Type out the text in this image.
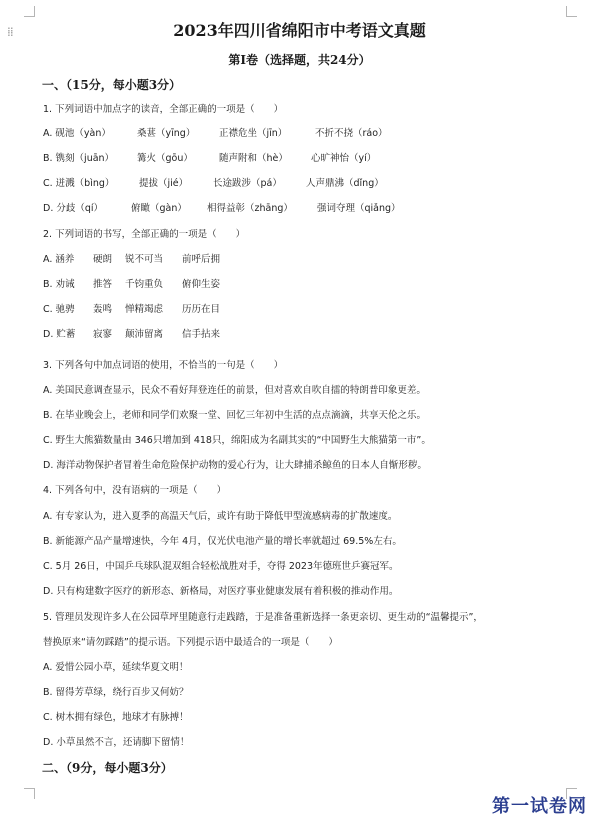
⁞⁞	2023年四川省绵阳市中考语文真题
第Ⅰ卷（选择题，共24分）
一、（15分，每小题3分）
1. 下列词语中加点字的读音，全部正确的一项是（　　）
A. 砚池（yàn）	桑葚（yīng） 正襟危坐（jīn）	不折不挠（ráo）
B. 镌刻（juān） 篝火（gōu）	随声附和（hè） 心旷神怡（yí）
C. 迸溅（bìng）	提拔（jié）	长途跋涉（pá）	人声鼎沸（dǐng）
D. 分歧（qí）	俯瞰（gàn） 相得益彰（zhāng）	强词夺理（qiǎng）
2. 下列词语的书写，全部正确的一项是（　　）
A. 涵养 硬朗 锐不可当 前呼后拥
B. 劝诫 推答 千钧重负 俯仰生姿
C. 驰骋 轰鸣 惮精竭虑 历历在目
D. 贮蓄 寂寥 颠沛留离 信手拈来
3. 下列各句中加点词语的使用，不恰当的一句是（　　）
A. 美国民意调查显示，民众不看好拜登连任的前景，但对喜欢自吹自擂的特朗普印象更差。
B. 在毕业晚会上，老师和同学们欢聚一堂、回忆三年初中生活的点点滴滴，共享天伦之乐。
C. 野生大熊猫数量由 346只增加到 418只，绵阳成为名副其实的“中国野生大熊猫第一市”。
D. 海洋动物保护者冒着生命危险保护动物的爱心行为，让大肆捕杀鲸鱼的日本人自惭形秽。
4. 下列各句中，没有语病的一项是（　　）
A. 有专家认为，进入夏季的高温天气后，或许有助于降低甲型流感病毒的扩散速度。
B. 新能源产品产量增速快，今年 4月，仅光伏电池产量的增长率就超过 69.5%左右。
C. 5月 26日，中国乒乓球队混双组合轻松战胜对手，夺得 2023年德班世乒赛冠军。
D. 只有构建数字医疗的新形态、新格局，对医疗事业健康发展有着积极的推动作用。
5. 管理员发现许多人在公园草坪里随意行走践踏，于是准备重新选择一条更亲切、更生动的“温馨提示”，
替换原来“请勿踩踏”的提示语。下列提示语中最适合的一项是（　　）
A. 爱惜公园小草，延续华夏文明！
B. 留得芳草绿，绕行百步又何妨？
C. 树木拥有绿色，地球才有脉搏！
D. 小草虽然不言，还请脚下留情！
二、（9分，每小题3分）
第一试卷网
